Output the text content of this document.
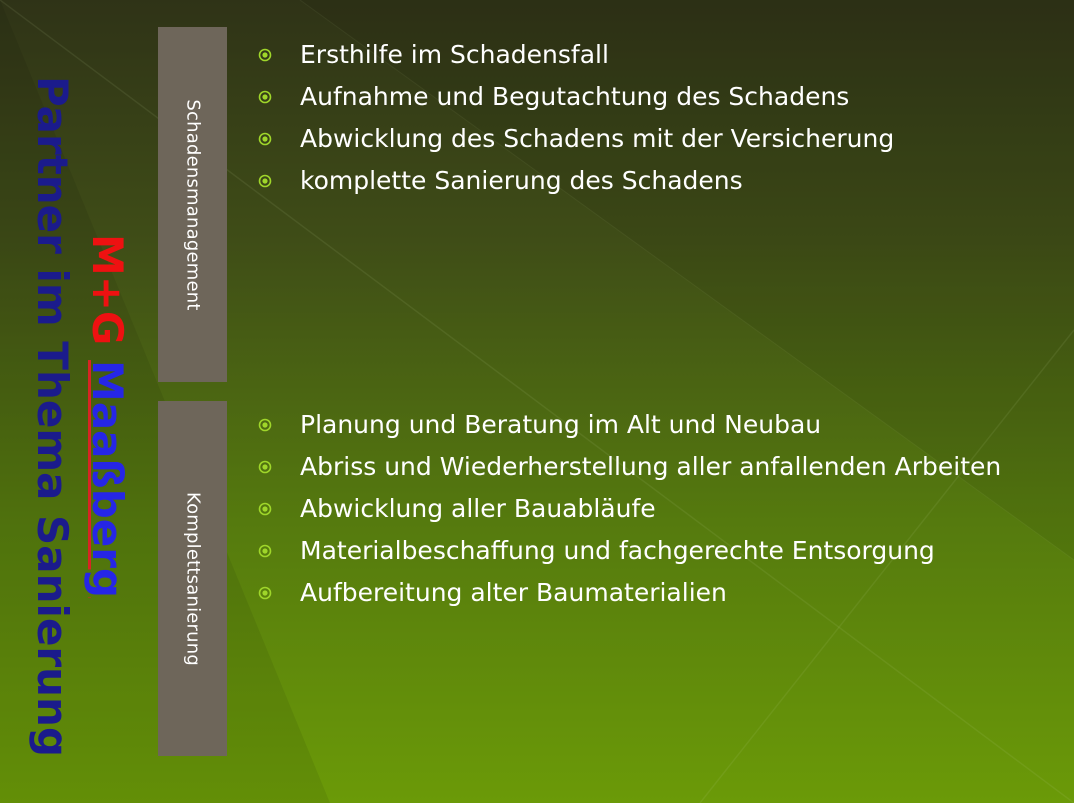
M+G Maaßberg
Partner im Thema Sanierung	Schadensmanagement
Komplettsanierung
Ersthilfe im Schadensfall
Aufnahme und Begutachtung des Schadens
Abwicklung des Schadens mit der Versicherung
komplette Sanierung des Schadens
Planung und Beratung im Alt und Neubau
Abriss und Wiederherstellung aller anfallenden Arbeiten
Abwicklung aller Bauabläufe
Materialbeschaffung und fachgerechte Entsorgung
Aufbereitung alter Baumaterialien
